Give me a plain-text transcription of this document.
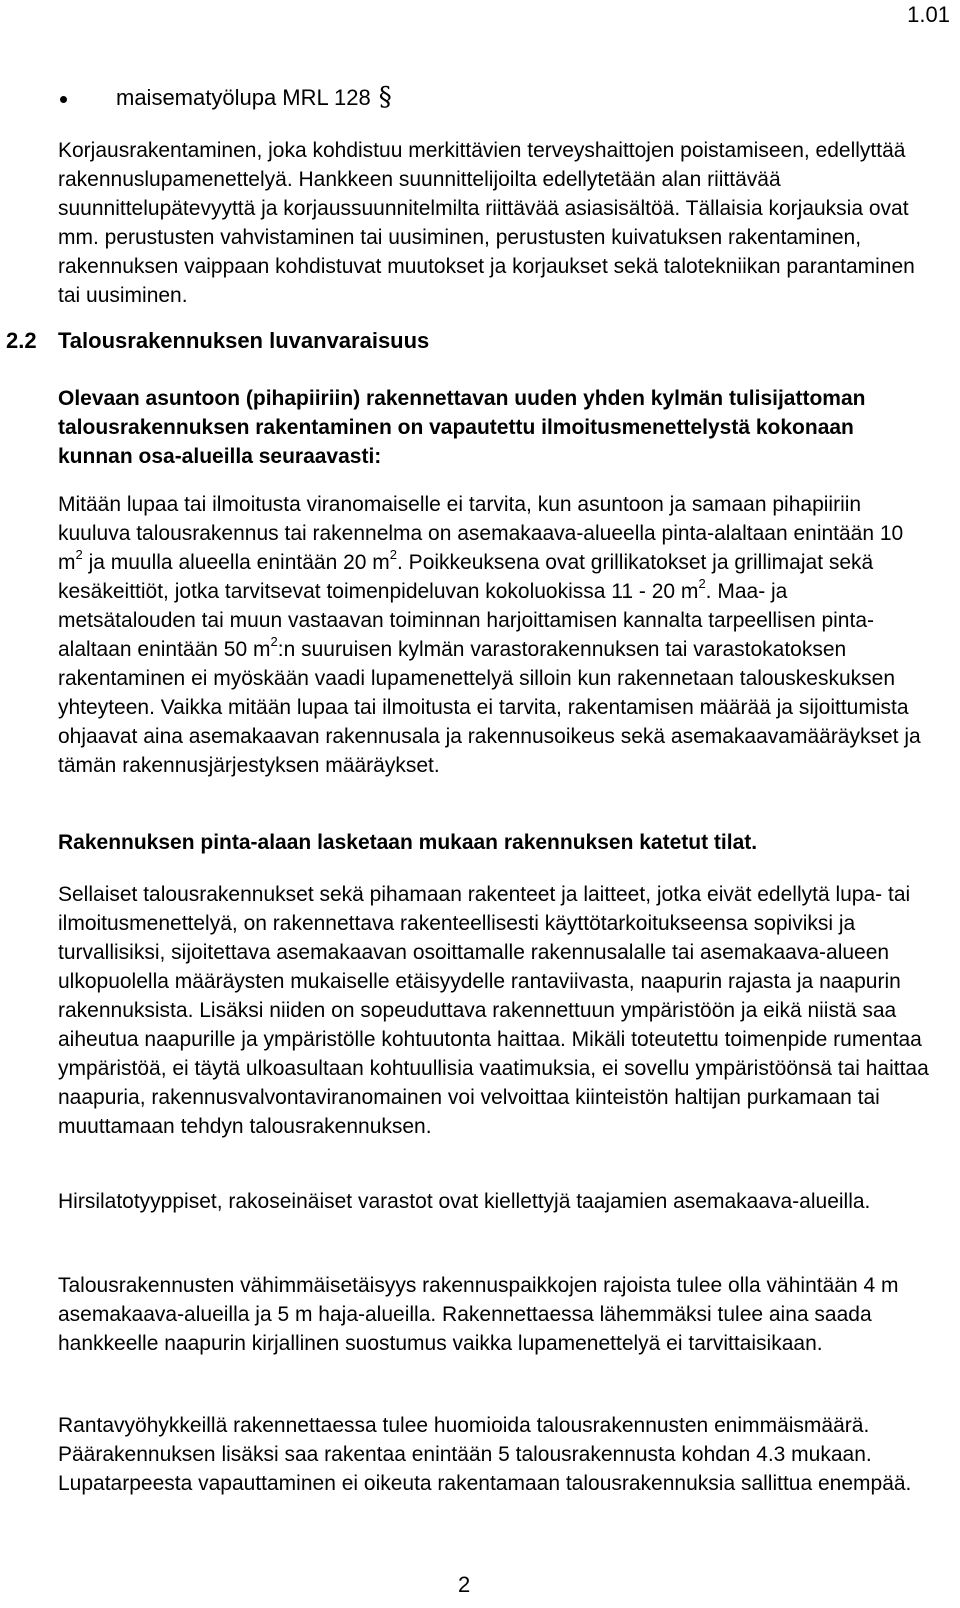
1.01
maisematyölupa MRL 128 §

Korjausrakentaminen, joka kohdistuu merkittävien terveyshaittojen poistamiseen, edellyttää rakennuslupamenettelyä. Hankkeen suunnittelijoilta edellytetään alan riittävää suunnittelupätevyyttä ja korjaussuunnitelmilta riittävää asiasisältöä. Tällaisia korjauksia ovat mm. perustusten vahvistaminen tai uusiminen, perustusten kuivatuksen rakentaminen, rakennuksen vaippaan kohdistuvat muutokset ja korjaukset sekä talotekniikan parantaminen tai uusiminen.

2.2 Talousrakennuksen luvanvaraisuus

Olevaan asuntoon (pihapiiriin) rakennettavan uuden yhden kylmän tulisijattoman talousrakennuksen rakentaminen on vapautettu ilmoitusmenettelystä kokonaan kunnan osa-alueilla seuraavasti:

Mitään lupaa tai ilmoitusta viranomaiselle ei tarvita, kun asuntoon ja samaan pihapiiriin kuuluva talousrakennus tai rakennelma on asemakaava-alueella pinta-alaltaan enintään 10 $m^2$ ja muulla alueella enintään 20 $m^2$. Poikkeuksena ovat grillikatokset ja grillimajat sekä kesäkeittiöt, jotka tarvitsevat toimenpideluvan kokoluokissa 11 - 20 $m^2$. Maa- ja metsätalouden tai muun vastaavan toiminnan harjoittamisen kannalta tarpeellisen pinta-alaltaan enintään 50 $m^2:n$ suuruisen kylmän varastorakennuksen tai varastokatoksen rakentaminen ei myöskään vaadi lupamenettelyä silloin kun rakennetaan talouskeskuksen yhteyteen. Vaikka mitään lupaa tai ilmoitusta ei tarvita, rakentamisen määrää ja sijoittumista ohjaavat aina asemakaavan rakennusala ja rakennusoikeus sekä asemakaavamääräykset ja tämän rakennusjärjestyksen määräykset.

Rakennuksen pinta-alaan lasketaan mukaan rakennuksen katetut tilat.

Sellaiset talousrakennukset sekä pihamaan rakenteet ja laitteet, jotka eivät edellytä lupa- tai ilmoitusmenettelyä, on rakennettava rakenteellisesti käyttötarkoitukseensa sopiviksi ja turvallisiksi, sijoitettava asemakaavan osoittamalle rakennusalalle tai asemakaava-alueen ulkopuolella määräysten mukaiselle etäisyydelle rantaviivasta, naapurin rajasta ja naapurin rakennuksista. Lisäksi niiden on sopeuduttava rakennettuun ympäristöön ja eikä niistä saa aiheutua naapurille ja ympäristölle kohtuutonta haittaa. Mikäli toteutettu toimenpide rumentaa ympäristöä, ei täytä ulkoasultaan kohtuullisia vaatimuksia, ei sovellu ympäristöönsä tai haittaa naapuria, rakennusvalvontaviranomainen voi velvoittaa kiinteistön haltijan purkamaan tai muuttamaan tehdyn talousrakennuksen.

Hirsilatotyyppiset, rakoseinäiset varastot ovat kiellettyjä taajamien asemakaava-alueilla.

Talousrakennusten vähimmäisetäisyys rakennuspaikkojen rajoista tulee olla vähintään 4 m asemakaava-alueilla ja 5 m haja-alueilla. Rakennettaessa lähemmäksi tulee aina saada hankkeelle naapurin kirjallinen suostumus vaikka lupamenettelyä ei tarvittaisikaan.

Rantavyöhykkeillä rakennettaessa tulee huomioida talousrakennusten enimmäismäärä. Päärakennuksen lisäksi saa rakentaa enintään 5 talousrakennusta kohdan 4.3 mukaan. Lupatarpeesta vapauttaminen ei oikeuta rakentamaan talousrakennuksia sallittua enempää.

2
